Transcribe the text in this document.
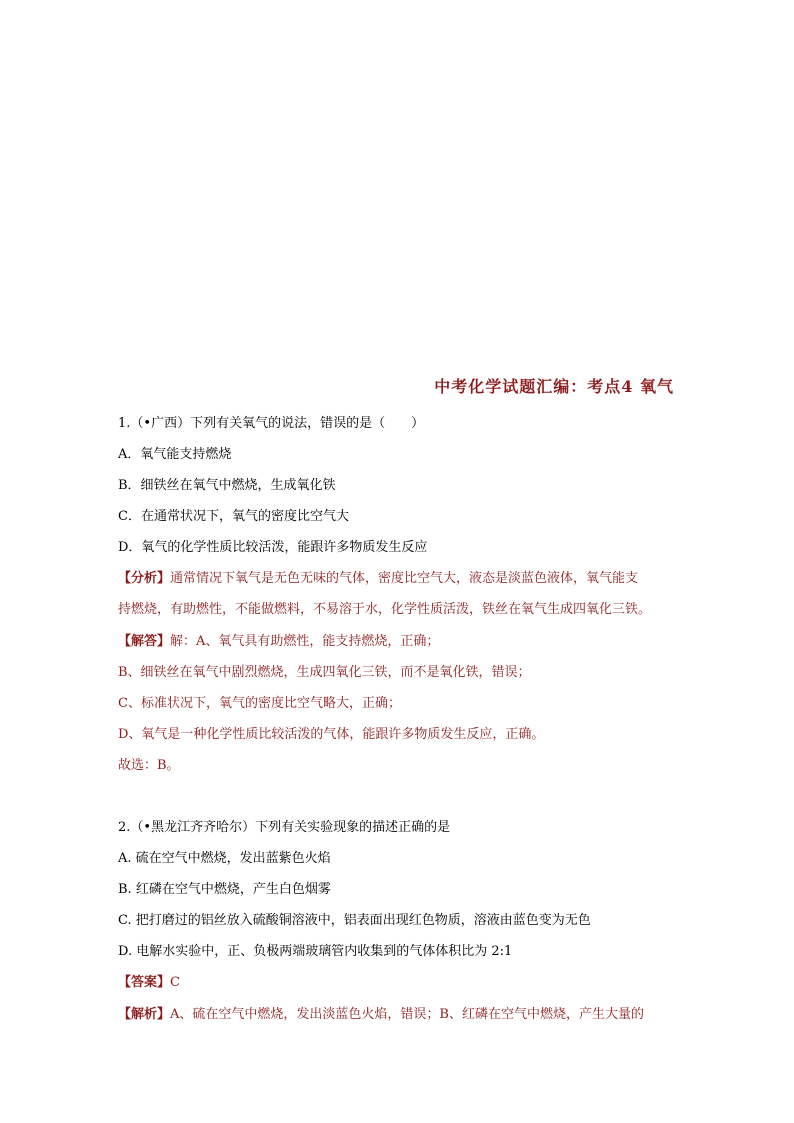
中考化学试题汇编：考点4 氧气
1.（•广西）下列有关氧气的说法，错误的是（　　）
A．氧气能支持燃烧
B．细铁丝在氧气中燃烧，生成氧化铁
C．在通常状况下，氧气的密度比空气大
D．氧气的化学性质比较活泼，能跟许多物质发生反应
【分析】通常情况下氧气是无色无味的气体，密度比空气大，液态是淡蓝色液体，氧气能支
持燃烧，有助燃性，不能做燃料，不易溶于水，化学性质活泼，铁丝在氧气生成四氧化三铁。
【解答】解：A、氧气具有助燃性，能支持燃烧，正确；
B、细铁丝在氧气中剧烈燃烧，生成四氧化三铁，而不是氧化铁，错误；
C、标准状况下，氧气的密度比空气略大，正确；
D、氧气是一种化学性质比较活泼的气体，能跟许多物质发生反应，正确。
故选：B。
2.（•黑龙江齐齐哈尔）下列有关实验现象的描述正确的是
A. 硫在空气中燃烧，发出蓝紫色火焰
B. 红磷在空气中燃烧，产生白色烟雾
C. 把打磨过的铝丝放入硫酸铜溶液中，铝表面出现红色物质，溶液由蓝色变为无色
D. 电解水实验中，正、负极两端玻璃管内收集到的气体体积比为 2:1
【答案】C
【解析】A、硫在空气中燃烧，发出淡蓝色火焰，错误；B、红磷在空气中燃烧，产生大量的
